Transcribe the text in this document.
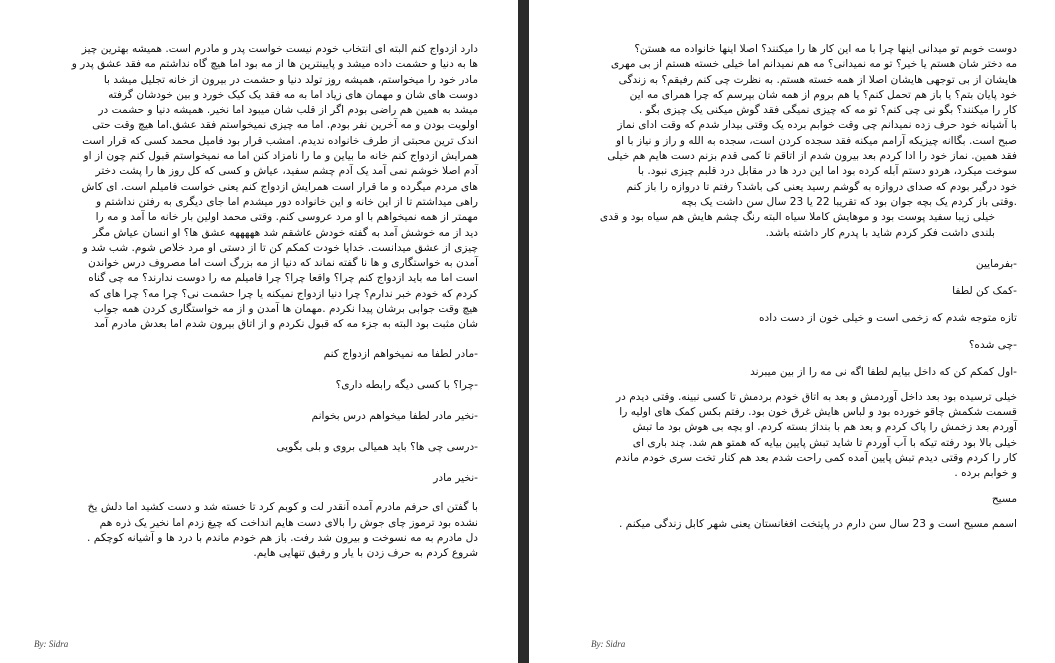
دارد ازدواج کنم البته ای انتخاب خودم نیست خواست پدر و مادرم است. همیشه بهترین چیز
ها به دنیا و حشمت داده میشد و پایینترین ها از مه بود اما هیچ گاه نداشتم مه فقد عشق پدر و
مادر خود را میخواستم، همیشه روز تولد دنیا و حشمت در بیرون از خانه تجلیل میشد با
دوست های شان و مهمان های زیاد اما به مه فقد یک کیک خورد و بین خودشان گرفته
میشد به همین هم راضی بودم اگر از قلب شان میبود اما نخیر. همیشه دنیا و حشمت در
اولویت بودن و مه آخرین نفر بودم. اما مه چیزی نمیخواستم فقد عشق.اما هیچ وقت حتی
اندک ترین محبتی از طرف خانواده ندیدم. امشب قرار بود فامیل محمد کسی که قرار است
همرایش ازدواج کنم خانه ما بیاین و ما را نامزاد کنن اما مه نمیخواستم قبول کنم چون از او
آدم اصلا خوشم نمی آمد یک آدم چشم سفید، عیاش و کسی که کل روز ها را پشت دختر
های مردم میگرده و ما قرار است همرایش ازدواج کنم یعنی خواست فامیلم است. ای کاش
راهی میداشتم تا از این خانه و این خانواده دور میشدم اما جای دیگری به رفتن نداشتم و
مهمتر از همه نمیخواهم با او مرد عروسی کنم. وقتی محمد اولین بار خانه ما آمد و مه را
دید از مه خوشش آمد به گفته خودش عاشقم شد هههههه عشق ها؟ او انسان عیاش مگر
چیزی از عشق میدانست. خدایا خودت کمکم کن تا از دستی او مرد خلاص شوم. شب شد و
آمدن به خواستگاری و ها نا گفته نماند که دنیا از مه بزرگ است اما مصروف درس خواندن
است اما مه باید ازدواج کنم چرا؟ واقعا چرا؟ چرا فامیلم مه را دوست ندارند؟ مه چی گناه
کردم که خودم خبر ندارم؟ چرا دنیا ازدواج نمیکنه یا چرا حشمت نی؟ چرا مه؟ چرا های که
هیچ وقت جوابی برشان پیدا نکردم .مهمان ها آمدن و از مه خواستگاری کردن همه جواب
شان مثبت بود البته به جزء مه که قبول نکردم و از اتاق بیرون شدم اما بعدش مادرم آمد
-مادر لطفا مه نمیخواهم ازدواج کنم
-چرا؟ با کسی دیگه رابطه داری؟
-نخیر مادر لطفا میخواهم درس بخوانم
-درسی چی ها؟ باید همیالی بروی و بلی بگویی
-نخیر مادر
با گفتن ای حرفم مادرم آمده آنقدر لت و کوبم کرد تا خسته شد و دست کشید اما دلش یخ
نشده بود ترموز چای جوش را بالای دست هایم انداخت که چیغ زدم اما نخیر یک ذره هم
دل مادرم به مه نسوخت و بیرون شد رفت. باز هم خودم ماندم با درد ها و آشیانه کوچکم .
شروع کردم به حرف زدن با یار و رفیق تنهایی هایم.
By: Sidra
دوست خوبم تو میدانی اینها چرا با مه این کار ها را میکنند؟ اصلا اینها خانواده مه هستن؟
مه دختر شان هستم یا خیر؟ تو مه نمیدانی؟ مه هم نمیدانم اما خیلی خسته هستم از بی مهری
هایشان از بی توجهی هایشان اصلا از همه خسته هستم. به نظرت چی کنم رفیقم؟ به زندگی
خود پایان بتم؟ یا باز هم تحمل کنم؟ یا هم بروم از همه شان بپرسم که چرا همرای مه این
کار را میکنند؟ بگو نی چی کنم؟ تو مه که چیزی نمیگی فقد گوش میکنی یک چیزی بگو .
با آشیانه خود حرف زده نمیدانم چی وقت خوابم برده یک وقتی بیدار شدم که وقت ادای نماز
صبح است. بگاانه چیزیکه آرامم میکنه فقد سجده کردن است، سجده به الله و راز و نیاز با او
فقد همین. نماز خود را ادا کردم بعد بیرون شدم از اتاقم تا کمی قدم بزنم دست هایم هم خیلی
سوخت میکرد، هردو دستم آبله کرده بود اما این درد ها در مقابل درد قلبم چیزی نبود. با
خود درگیر بودم که صدای دروازه به گوشم رسید یعنی کی باشد؟ رفتم تا دروازه را باز کنم
.وقتی باز کردم یک بچه جوان بود که تقریبا 22 یا 23 سال سن داشت یک بچه
خیلی زیبا سفید پوست بود و موهایش کاملا سیاه البته رنگ چشم هایش هم سیاه بود و قدی
بلندی داشت فکر کردم شاید با پدرم کار داشته باشد.
-بفرمایین
-کمک کن لطفا
تازه متوجه شدم که زخمی است و خیلی خون از دست داده
-چی شده؟
-اول کمکم کن که داخل بیایم لطفا اگه نی مه را از بین میبرند
خیلی ترسیده بود بعد داخل آوردمش و بعد به اتاق خودم بردمش تا کسی نبینه. وقتی دیدم در
قسمت شکمش چاقو خورده بود و لباس هایش غرق خون بود. رفتم بکس کمک های اولیه را
آوردم بعد زخمش را پاک کردم و بعد هم با بنداژ بسته کردم. او بچه بی هوش بود ما تبش
خیلی بالا بود رفته تیکه با آب آوردم تا شاید تبش پایین بیایه که همتو هم شد. چند باری ای
کار را کردم وقتی دیدم تبش پایین آمده کمی راحت شدم بعد هم کنار تخت سری خودم ماندم
و خوابم برده .
مسیح
اسمم مسیح است و 23 سال سن دارم در پایتخت افغانستان یعنی شهر کابل زندگی میکنم .
By: Sidra
